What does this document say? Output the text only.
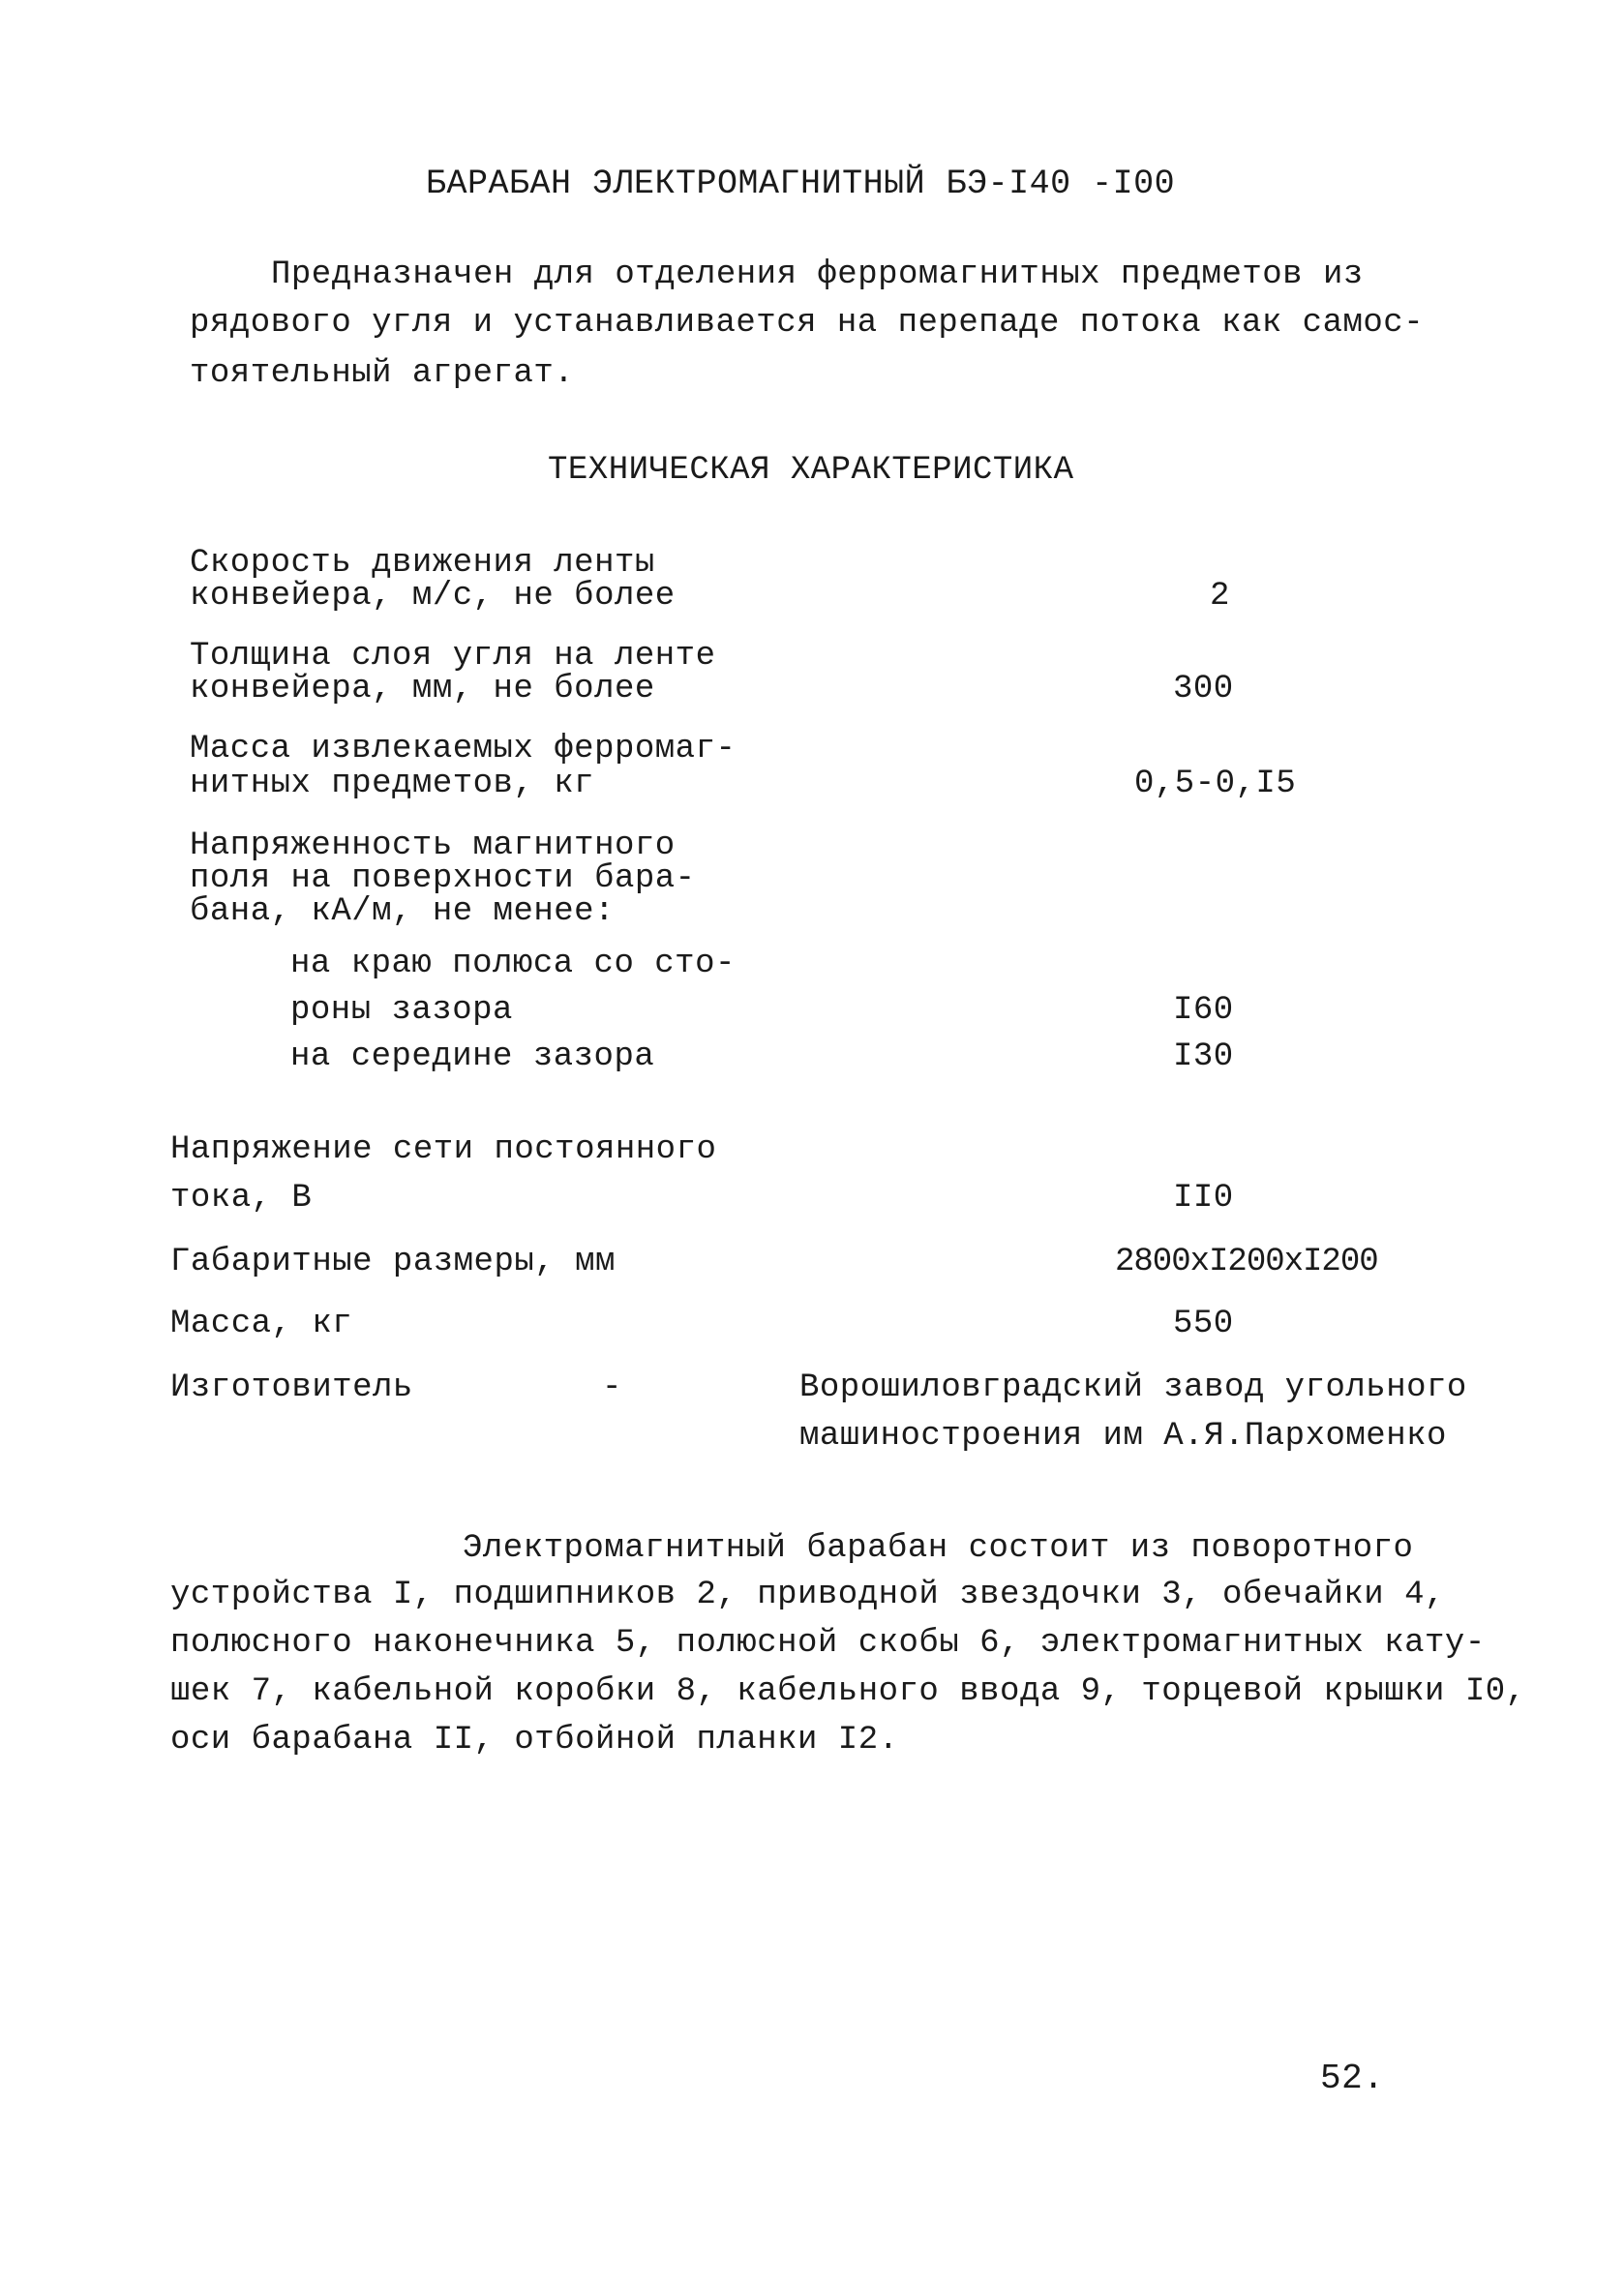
БАРАБАН ЭЛЕКТРОМАГНИТНЫЙ БЭ-I40 -I00
Предназначен для отделения ферромагнитных предметов из
рядового угля и устанавливается на перепаде потока как самос-
тоятельный агрегат.
ТЕХНИЧЕСКАЯ ХАРАКТЕРИСТИКА
Скорость движения ленты
конвейера, м/с, не более	2
Толщина слоя угля на ленте
конвейера, мм, не более	300
Масса извлекаемых ферромаг-
нитных предметов, кг	0,5-0,I5
Напряженность магнитного
поля на поверхности бара-
бана, кА/м, не менее:
на краю полюса со сто-
роны зазора	I60
на середине зазора	I30
Напряжение сети постоянного
тока, В	II0
Габаритные размеры, мм	2800xI200xI200
Масса, кг	550
Изготовитель	-	Ворошиловградский завод угольного
машиностроения им А.Я.Пархоменко
Электромагнитный барабан состоит из поворотного
устройства I, подшипников 2, приводной звездочки 3, обечайки 4,
полюсного наконечника 5, полюсной скобы 6, электромагнитных кату-
шек 7, кабельной коробки 8, кабельного ввода 9, торцевой крышки I0,
оси барабана II, отбойной планки I2.
52.
